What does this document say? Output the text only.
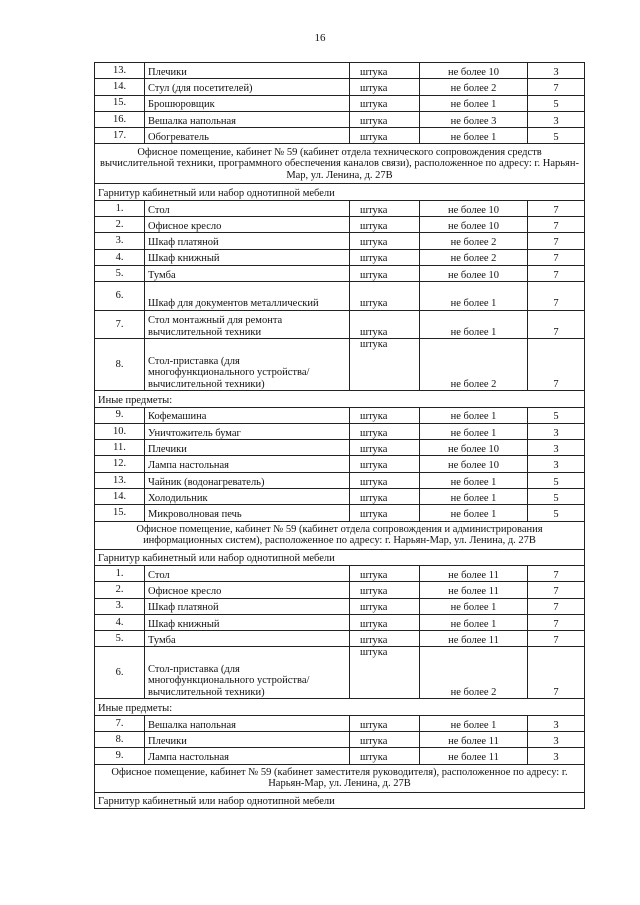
16
13.	Плечики	штука	не более 10	3
14.	Стул (для посетителей)	штука	не более 2	7
15.	Брошюровщик	штука	не более 1	5
16.	Вешалка напольная	штука	не более 3	3
17.	Обогреватель	штука	не более 1	5
Офисное помещение, кабинет № 59 (кабинет отдела технического сопровождения средств вычислительной техники, программного обеспечения каналов связи), расположенное по адресу: г. Нарьян-Мар, ул. Ленина, д. 27В				
Гарнитур кабинетный или набор однотипной мебели				
1.	Стол	штука	не более 10	7
2.	Офисное кресло	штука	не более 10	7
3.	Шкаф платяной	штука	не более 2	7
4.	Шкаф книжный	штука	не более 2	7
5.	Тумба	штука	не более 10	7
6.	Шкаф для документов металлический	штука	не более 1	7
7.	Стол монтажный для ремонта вычислительной техники	штука	не более 1	7
8.	Стол-приставка (для многофункционального устройства/вычислительной техники)	штука	не более 2	7
Иные предметы:				
9.	Кофемашина	штука	не более 1	5
10.	Уничтожитель бумаг	штука	не более 1	3
11.	Плечики	штука	не более 10	3
12.	Лампа настольная	штука	не более 10	3
13.	Чайник (водонагреватель)	штука	не более 1	5
14.	Холодильник	штука	не более 1	5
15.	Микроволновая печь	штука	не более 1	5
Офисное помещение, кабинет № 59 (кабинет отдела сопровождения и администрирования информационных систем), расположенное по адресу: г. Нарьян-Мар, ул. Ленина, д. 27В				
Гарнитур кабинетный или набор однотипной мебели				
1.	Стол	штука	не более 11	7
2.	Офисное кресло	штука	не более 11	7
3.	Шкаф платяной	штука	не более 1	7
4.	Шкаф книжный	штука	не более 1	7
5.	Тумба	штука	не более 11	7
6.	Стол-приставка (для многофункционального устройства/вычислительной техники)	штука	не более 2	7
Иные предметы:				
7.	Вешалка напольная	штука	не более 1	3
8.	Плечики	штука	не более 11	3
9.	Лампа настольная	штука	не более 11	3
Офисное помещение, кабинет № 59 (кабинет заместителя руководителя), расположенное по адресу: г. Нарьян-Мар, ул. Ленина, д. 27В				
Гарнитур кабинетный или набор однотипной мебели				
